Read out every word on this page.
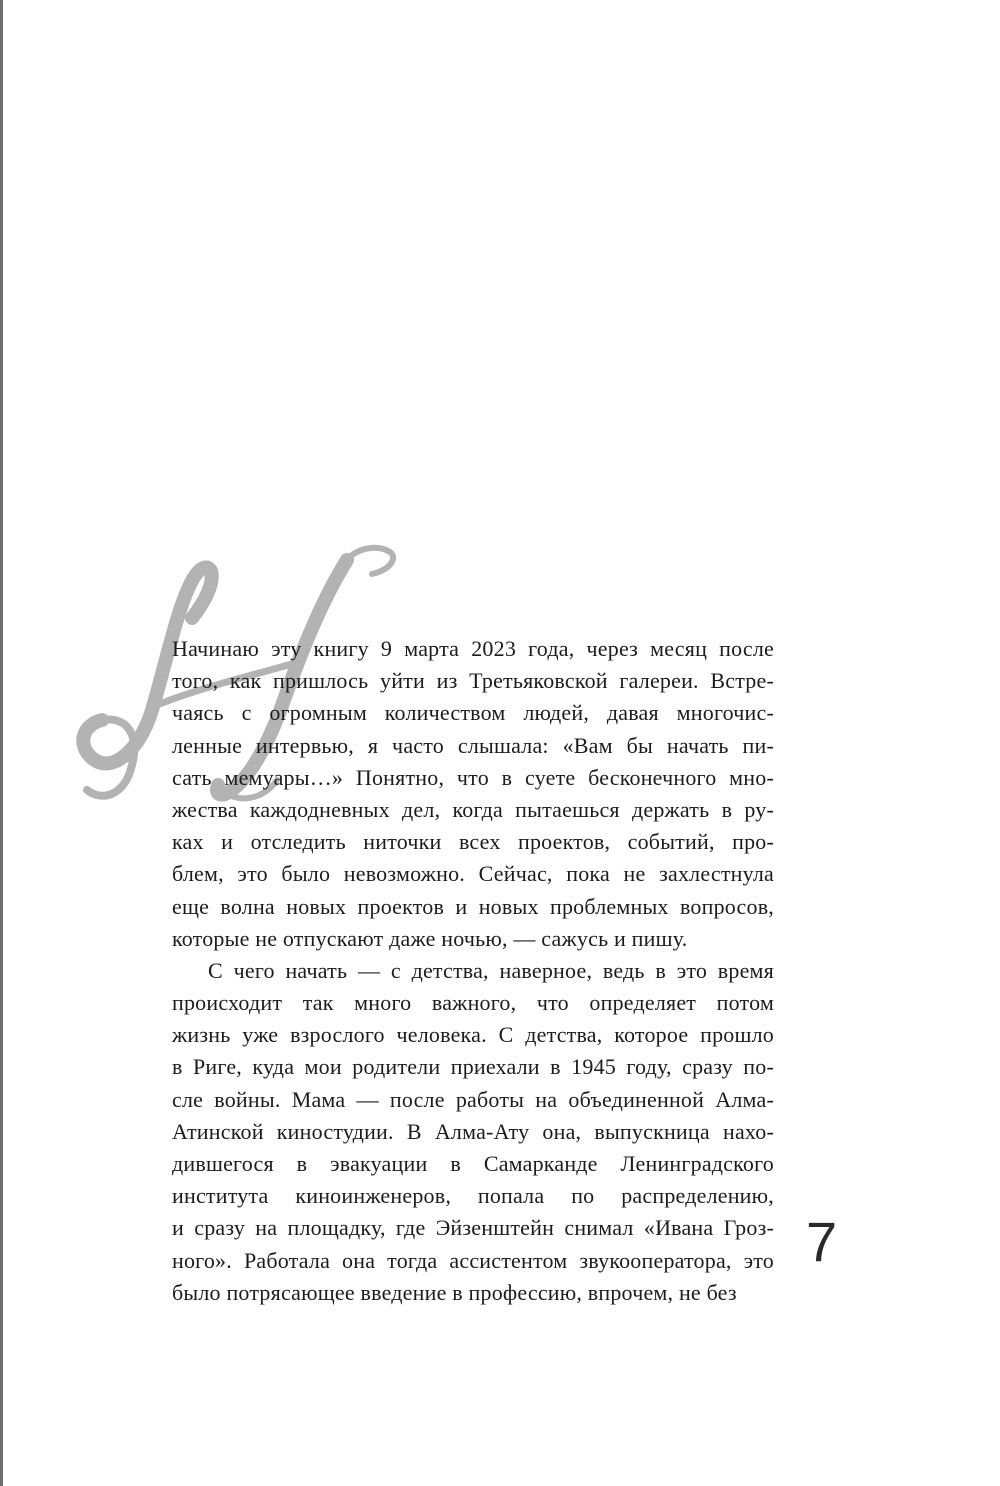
Начинаю эту книгу 9 марта 2023 года, через месяц после
того, как пришлось уйти из Третьяковской галереи. Встре-
чаясь с огромным количеством людей, давая многочис-
ленные интервью, я часто слышала: «Вам бы начать пи-
сать мемуары…» Понятно, что в суете бесконечного мно-
жества каждодневных дел, когда пытаешься держать в ру-
ках и отследить ниточки всех проектов, событий, про-
блем, это было невозможно. Сейчас, пока не захлестнула
еще волна новых проектов и новых проблемных вопросов,
которые не отпускают даже ночью, — сажусь и пишу.
С чего начать — с детства, наверное, ведь в это время
происходит так много важного, что определяет потом
жизнь уже взрослого человека. С детства, которое прошло
в Риге, куда мои родители приехали в 1945 году, сразу по-
сле войны. Мама — после работы на объединенной Алма-
Атинской киностудии. В Алма-Ату она, выпускница нахо-
дившегося в эвакуации в Самарканде Ленинградского
института киноинженеров, попала по распределению,
и сразу на площадку, где Эйзенштейн снимал «Ивана Гроз-
ного». Работала она тогда ассистентом звукооператора, это
было потрясающее введение в профессию, впрочем, не без
7
